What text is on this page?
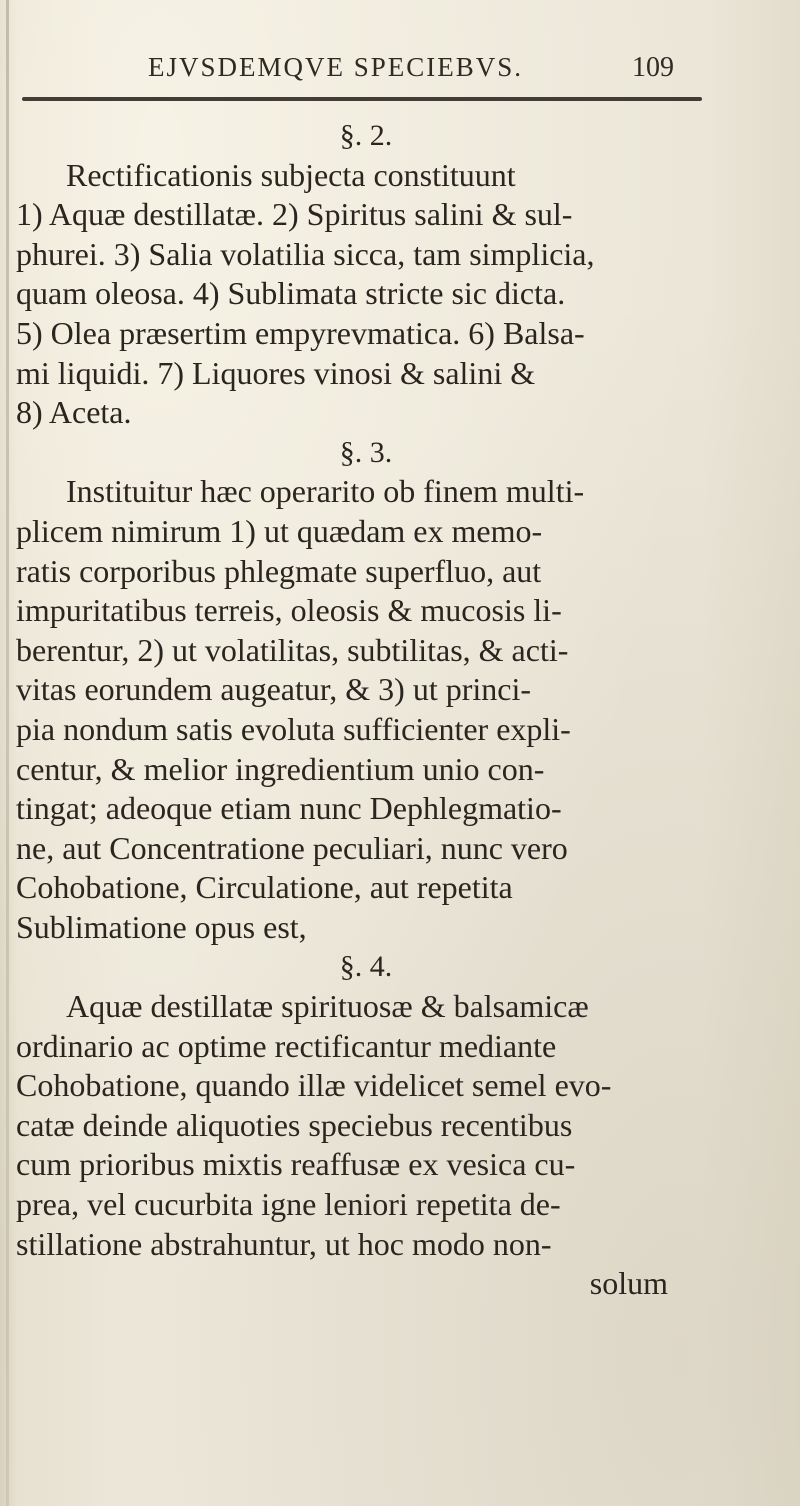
EJVSDEMQVE SPECIEBVS.	109
§. 2.
Rectificationis subjecta constituunt
1) Aquæ destillatæ. 2) Spiritus salini & sul-
phurei. 3) Salia volatilia sicca, tam simplicia,
quam oleosa. 4) Sublimata stricte sic dicta.
5) Olea præsertim empyrevmatica. 6) Balsa-
mi liquidi. 7) Liquores vinosi & salini &
8) Aceta.
§. 3.
Instituitur hæc operarito ob finem multi-
plicem nimirum 1) ut quædam ex memo-
ratis corporibus phlegmate superfluo, aut
impuritatibus terreis, oleosis & mucosis li-
berentur, 2) ut volatilitas, subtilitas, & acti-
vitas eorundem augeatur, & 3) ut princi-
pia nondum satis evoluta sufficienter expli-
centur, & melior ingredientium unio con-
tingat; adeoque etiam nunc Dephlegmatio-
ne, aut Concentratione peculiari, nunc vero
Cohobatione, Circulatione, aut repetita
Sublimatione opus est,
§. 4.
Aquæ destillatæ spirituosæ & balsamicæ
ordinario ac optime rectificantur mediante
Cohobatione, quando illæ videlicet semel evo-
catæ deinde aliquoties speciebus recentibus
cum prioribus mixtis reaffusæ ex vesica cu-
prea, vel cucurbita igne leniori repetita de-
stillatione abstrahuntur, ut hoc modo non-
solum
